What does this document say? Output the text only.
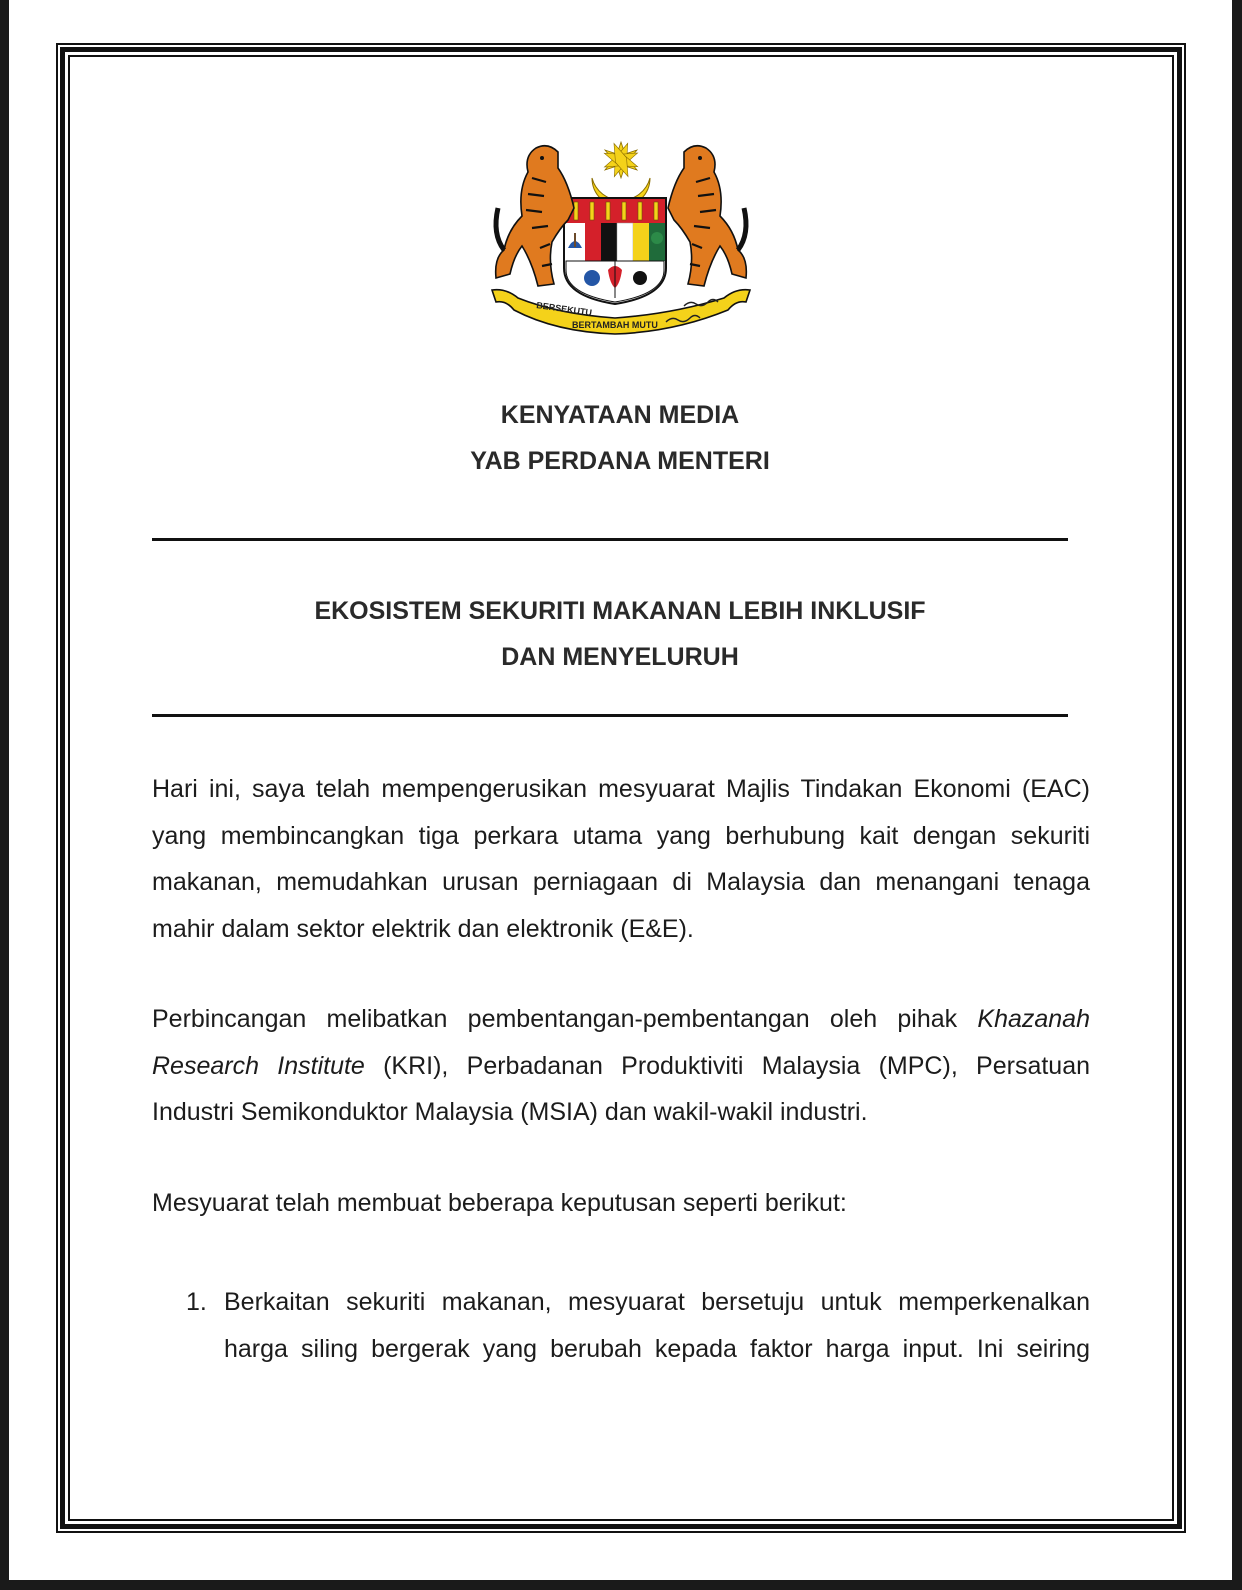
BERSEKUTU
BERTAMBAH MUTU
KENYATAAN MEDIA
YAB PERDANA MENTERI
EKOSISTEM SEKURITI MAKANAN LEBIH INKLUSIF
DAN MENYELURUH

Hari ini, saya telah mempengerusikan mesyuarat Majlis Tindakan Ekonomi (EAC) yang membincangkan tiga perkara utama yang berhubung kait dengan sekuriti makanan, memudahkan urusan perniagaan di Malaysia dan menangani tenaga mahir dalam sektor elektrik dan elektronik (E&E).

Perbincangan melibatkan pembentangan-pembentangan oleh pihak Khazanah Research Institute (KRI), Perbadanan Produktiviti Malaysia (MPC), Persatuan Industri Semikonduktor Malaysia (MSIA) dan wakil-wakil industri.

Mesyuarat telah membuat beberapa keputusan seperti berikut:

1. Berkaitan sekuriti makanan, mesyuarat bersetuju untuk memperkenalkan
harga siling bergerak yang berubah kepada faktor harga input. Ini seiring
